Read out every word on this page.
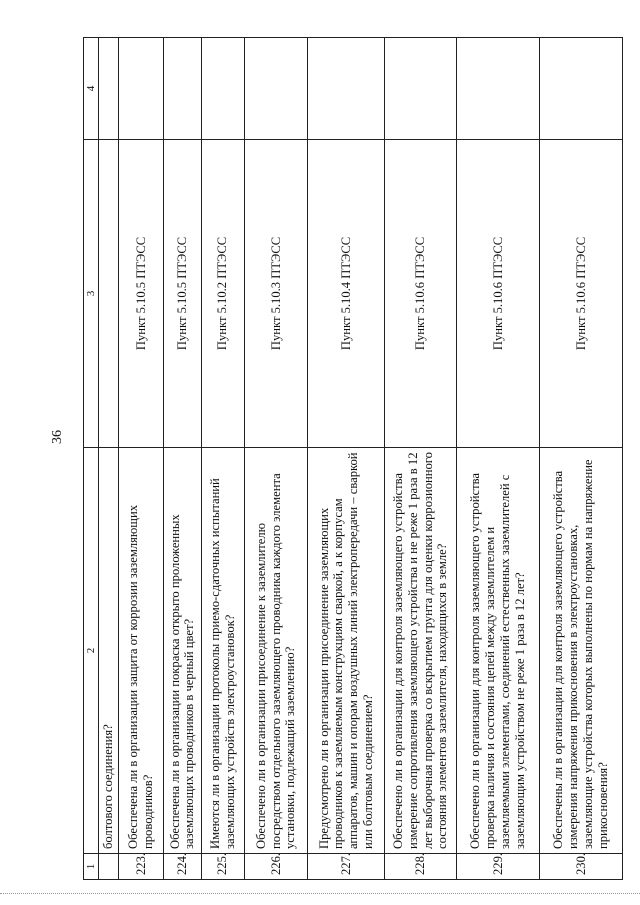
36
1	2	3	4
	болтового соединения?		
223.	Обеспечена ли в организации защита от коррозии заземляющих проводников?	Пункт 5.10.5 ПТЭСС	
224.	Обеспечена ли в организации покраска открыто проложенных заземляющих проводников в черный цвет?	Пункт 5.10.5 ПТЭСС	
225.	Имеются ли в организации протоколы приемо-сдаточных испытаний заземляющих устройств электроустановок?	Пункт 5.10.2 ПТЭСС	
226.	Обеспечено ли в организации присоединение к заземлителю посредством отдельного заземляющего проводника каждого элемента установки, подлежащий заземлению?	Пункт 5.10.3 ПТЭСС	
227.	Предусмотрено ли в организации присоединение заземляющих проводников к заземляемым конструкциям сваркой, а к корпусам аппаратов, машин и опорам воздушных линий электропередачи – сваркой или болтовым соединением?	Пункт 5.10.4 ПТЭСС	
228.	Обеспечено ли в организации для контроля заземляющего устройства измерение сопротивления заземляющего устройства и не реже 1 раза в 12 лет выборочная проверка со вскрытием грунта для оценки коррозионного состояния элементов заземлителя, находящихся в земле?	Пункт 5.10.6 ПТЭСС	
229.	Обеспечено ли в организации для контроля заземляющего устройства проверка наличия и состояния цепей между заземлителем и заземляемыми элементами, соединений естественных заземлителей с заземляющим устройством не реже 1 раза в 12 лет?	Пункт 5.10.6 ПТЭСС	
230.	Обеспечены ли в организации для контроля заземляющего устройства измерения напряжения прикосновения в электроустановках, заземляющие устройства которых выполнены по нормам на напряжение прикосновения?	Пункт 5.10.6 ПТЭСС	
